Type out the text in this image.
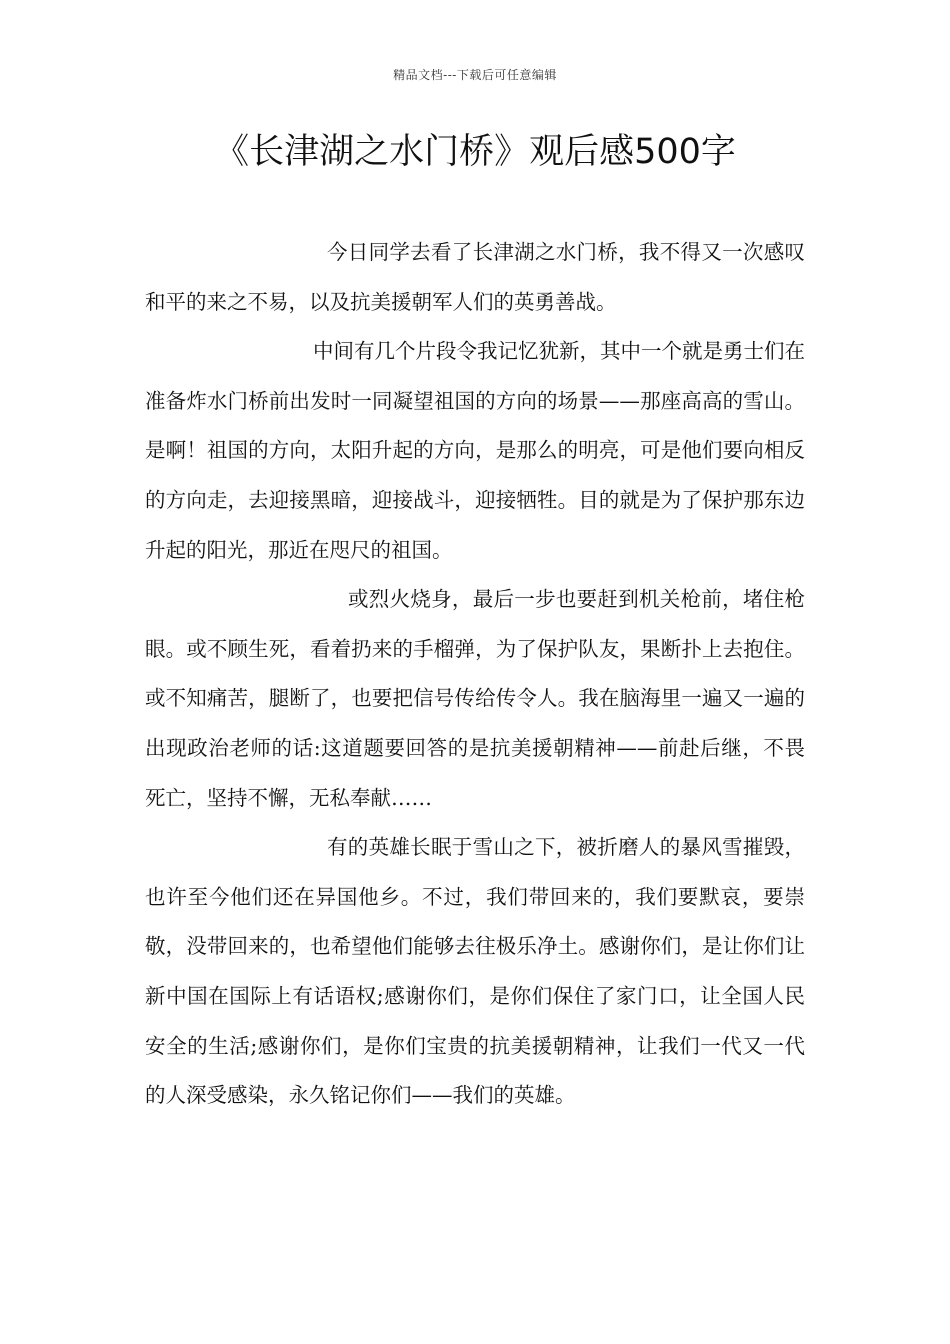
精品文档---下载后可任意编辑
《长津湖之水门桥》观后感500字

今日同学去看了长津湖之水门桥，我不得又一次感叹和平的来之不易，以及抗美援朝军人们的英勇善战。

中间有几个片段令我记忆犹新，其中一个就是勇士们在准备炸水门桥前出发时一同凝望祖国的方向的场景——那座高高的雪山。是啊！祖国的方向，太阳升起的方向，是那么的明亮，可是他们要向相反的方向走，去迎接黑暗，迎接战斗，迎接牺牲。目的就是为了保护那东边升起的阳光，那近在咫尺的祖国。

或烈火烧身，最后一步也要赶到机关枪前，堵住枪眼。或不顾生死，看着扔来的手榴弹，为了保护队友，果断扑上去抱住。或不知痛苦，腿断了，也要把信号传给传令人。我在脑海里一遍又一遍的出现政治老师的话:这道题要回答的是抗美援朝精神——前赴后继，不畏死亡，坚持不懈，无私奉献……

有的英雄长眠于雪山之下，被折磨人的暴风雪摧毁，也许至今他们还在异国他乡。不过，我们带回来的，我们要默哀，要崇敬，没带回来的，也希望他们能够去往极乐净土。感谢你们，是让你们让新中国在国际上有话语权;感谢你们，是你们保住了家门口，让全国人民安全的生活;感谢你们，是你们宝贵的抗美援朝精神，让我们一代又一代的人深受感染，永久铭记你们——我们的英雄。
